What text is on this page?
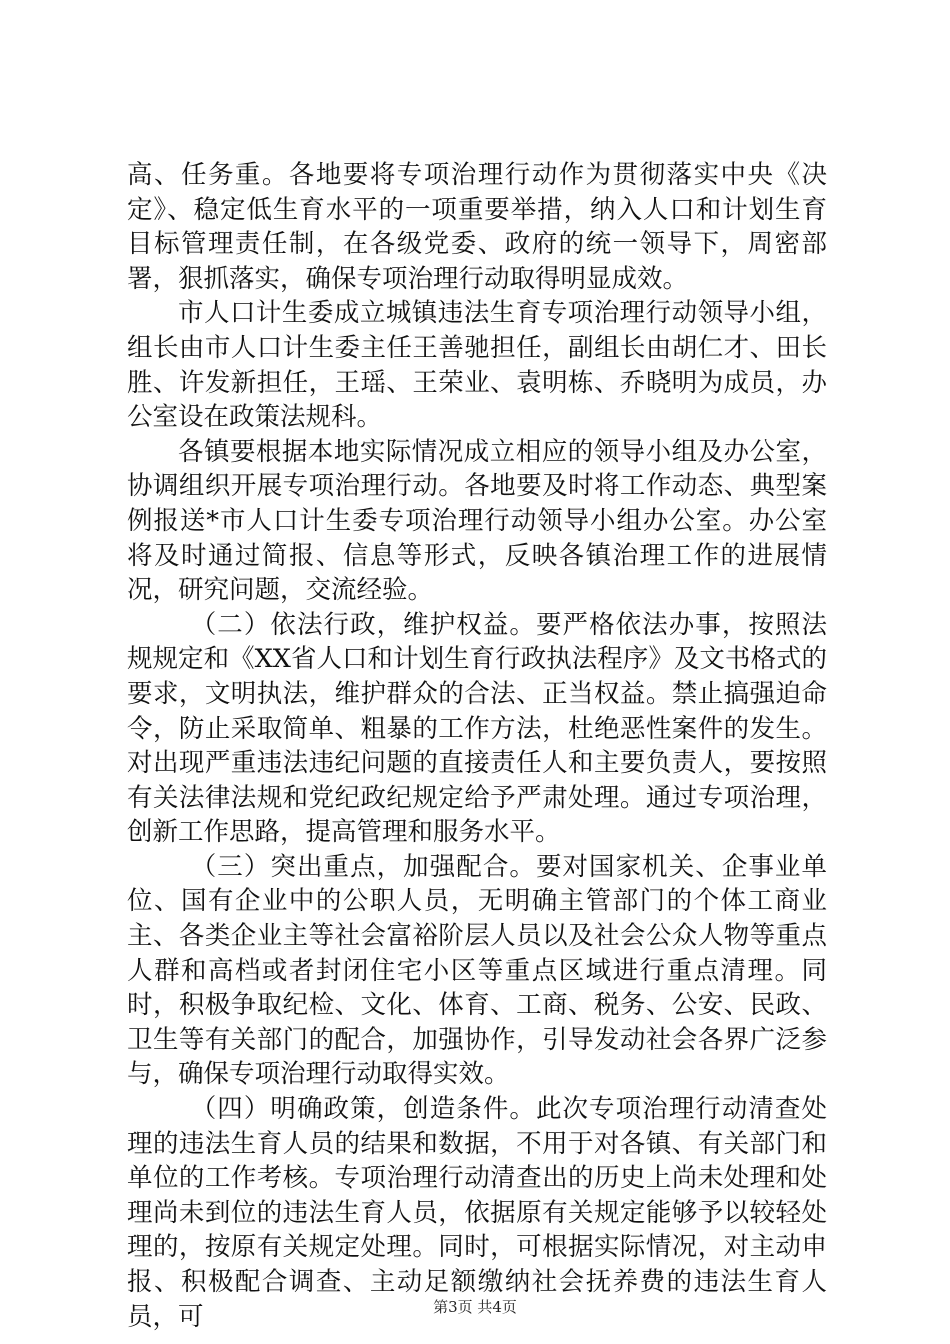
高、任务重。各地要将专项治理行动作为贯彻落实中央《决定》、稳定低生育水平的一项重要举措，纳入人口和计划生育目标管理责任制，在各级党委、政府的统一领导下，周密部署，狠抓落实，确保专项治理行动取得明显成效。

市人口计生委成立城镇违法生育专项治理行动领导小组，组长由市人口计生委主任王善驰担任，副组长由胡仁才、田长胜、许发新担任，王瑶、王荣业、袁明栋、乔晓明为成员，办公室设在政策法规科。

各镇要根据本地实际情况成立相应的领导小组及办公室，协调组织开展专项治理行动。各地要及时将工作动态、典型案例报送*市人口计生委专项治理行动领导小组办公室。办公室将及时通过简报、信息等形式，反映各镇治理工作的进展情况，研究问题，交流经验。

（二）依法行政，维护权益。要严格依法办事，按照法规规定和《XX省人口和计划生育行政执法程序》及文书格式的要求，文明执法，维护群众的合法、正当权益。禁止搞强迫命令，防止采取简单、粗暴的工作方法，杜绝恶性案件的发生。对出现严重违法违纪问题的直接责任人和主要负责人，要按照有关法律法规和党纪政纪规定给予严肃处理。通过专项治理，创新工作思路，提高管理和服务水平。

（三）突出重点，加强配合。要对国家机关、企事业单位、国有企业中的公职人员，无明确主管部门的个体工商业主、各类企业主等社会富裕阶层人员以及社会公众人物等重点人群和高档或者封闭住宅小区等重点区域进行重点清理。同时，积极争取纪检、文化、体育、工商、税务、公安、民政、卫生等有关部门的配合，加强协作，引导发动社会各界广泛参与，确保专项治理行动取得实效。

（四）明确政策，创造条件。此次专项治理行动清查处理的违法生育人员的结果和数据，不用于对各镇、有关部门和单位的工作考核。专项治理行动清查出的历史上尚未处理和处理尚未到位的违法生育人员，依据原有关规定能够予以较轻处理的，按原有关规定处理。同时，可根据实际情况，对主动申报、积极配合调查、主动足额缴纳社会抚养费的违法生育人员，可	第3页 共4页
